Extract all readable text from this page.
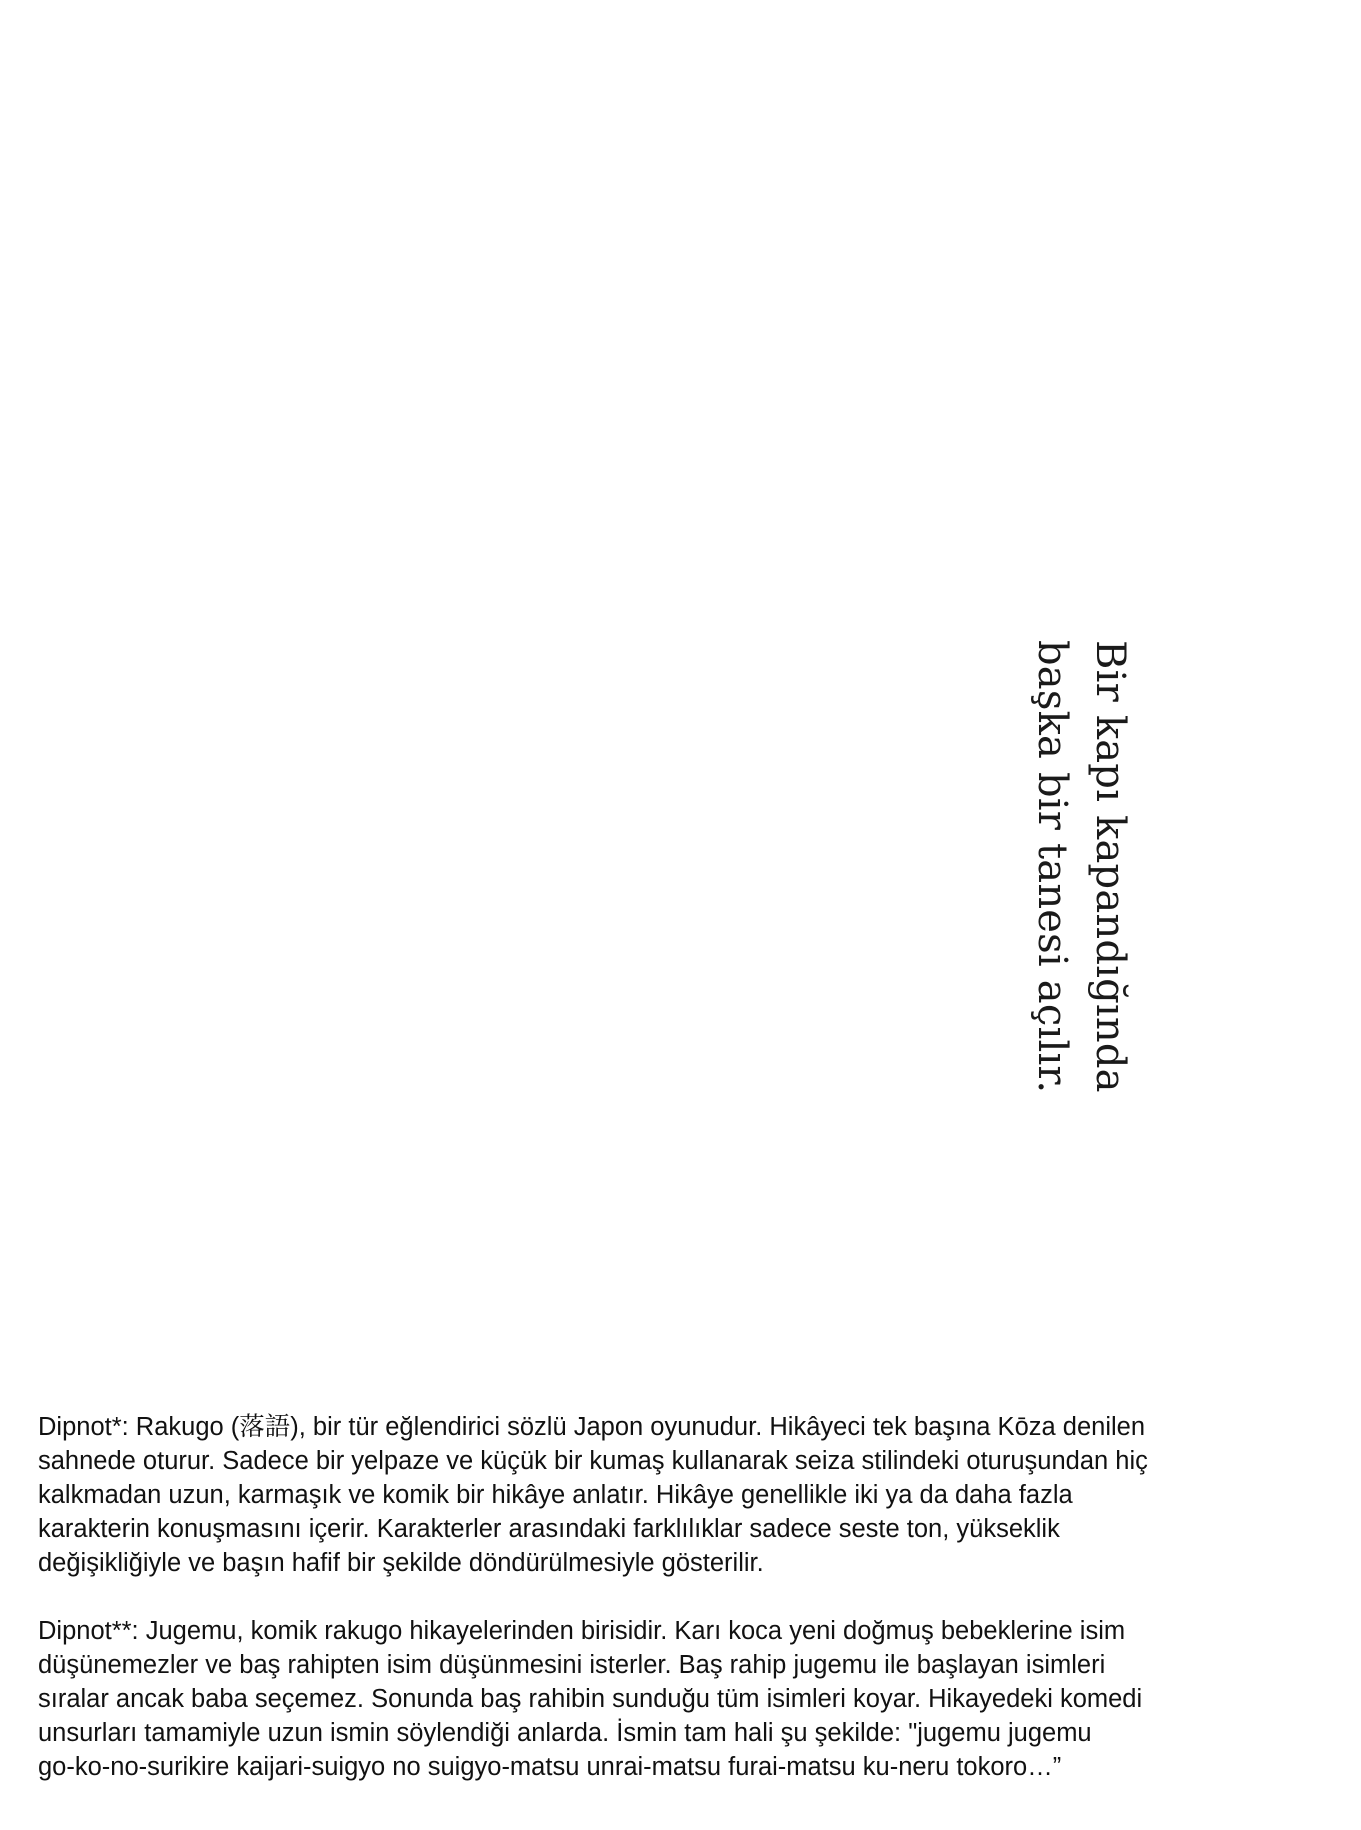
Bir kapı kapandığında
başka bir tanesi açılır.

Dipnot*: Rakugo (落語), bir tür eğlendirici sözlü Japon oyunudur. Hikâyeci tek başına Kōza denilen
sahnede oturur. Sadece bir yelpaze ve küçük bir kumaş kullanarak seiza stilindeki oturuşundan hiç
kalkmadan uzun, karmaşık ve komik bir hikâye anlatır. Hikâye genellikle iki ya da daha fazla
karakterin konuşmasını içerir. Karakterler arasındaki farklılıklar sadece seste ton, yükseklik
değişikliğiyle ve başın hafif bir şekilde döndürülmesiyle gösterilir.

Dipnot**: Jugemu, komik rakugo hikayelerinden birisidir. Karı koca yeni doğmuş bebeklerine isim
düşünemezler ve baş rahipten isim düşünmesini isterler. Baş rahip jugemu ile başlayan isimleri
sıralar ancak baba seçemez. Sonunda baş rahibin sunduğu tüm isimleri koyar. Hikayedeki komedi
unsurları tamamiyle uzun ismin söylendiği anlarda. İsmin tam hali şu şekilde: "jugemu jugemu
go-ko-no-surikire kaijari-suigyo no suigyo-matsu unrai-matsu furai-matsu ku-neru tokoro…”
